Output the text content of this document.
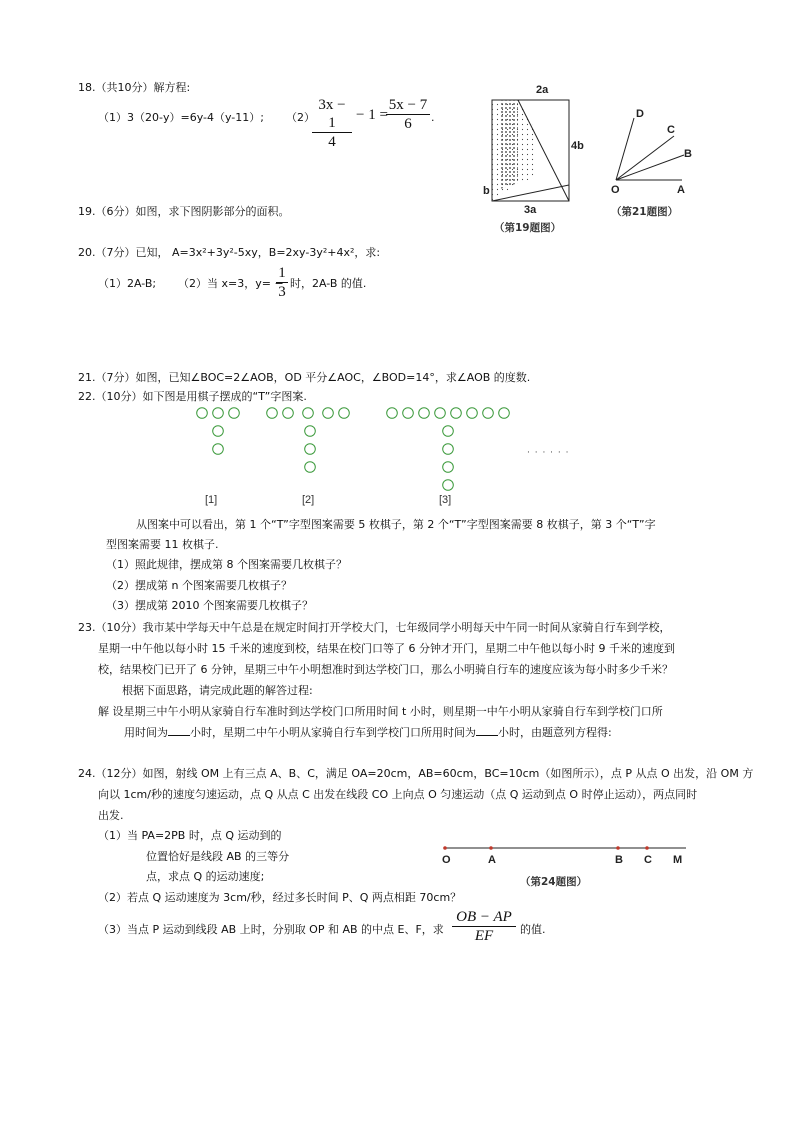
18.（共10分）解方程:
（1）3（20-y）=6y-4（y-11）; （2）
$\frac{3x - 1}{4} - 1$ =
$\frac{5x - 7}{6}$ .
2a
4b
b
3a
（第19题图）
D
C
B
O	A
（第21题图）
19.（6分）如图，求下图阴影部分的面积。
20.（7分）已知， A=3x²+3y²-5xy，B=2xy-3y²+4x²，求:
（1）2A-B; （2）当 x=3，y= −
$\frac{1}{3}$ 时，2A-B 的值.
21.（7分）如图，已知∠BOC=2∠AOB，OD 平分∠AOC，∠BOD=14°，求∠AOB 的度数.
22.（10分）如下图是用棋子摆成的“T”字图案.
· · · · · ·
[1]	[2]	[3]
从图案中可以看出，第 1 个“T”字型图案需要 5 枚棋子，第 2 个“T”字型图案需要 8 枚棋子，第 3 个“T”字
型图案需要 11 枚棋子.
（1）照此规律，摆成第 8 个图案需要几枚棋子？
（2）摆成第 n 个图案需要几枚棋子？
（3）摆成第 2010 个图案需要几枚棋子？
23.（10分）我市某中学每天中午总是在规定时间打开学校大门，七年级同学小明每天中午同一时间从家骑自行车到学校，
星期一中午他以每小时 15 千米的速度到校，结果在校门口等了 6 分钟才开门，星期二中午他以每小时 9 千米的速度到
校，结果校门已开了 6 分钟，星期三中午小明想准时到达学校门口，那么小明骑自行车的速度应该为每小时多少千米？
根据下面思路，请完成此题的解答过程:
解 设星期三中午小明从家骑自行车准时到达学校门口所用时间 t 小时，则星期一中午小明从家骑自行车到学校门口所
用时间为 小时，星期二中午小明从家骑自行车到学校门口所用时间为 小时，由题意列方程得:
24.（12分）如图，射线 OM 上有三点 A、B、C，满足 OA=20cm，AB=60cm，BC=10cm（如图所示），点 P 从点 O 出发，沿 OM 方
向以 1cm/秒的速度匀速运动，点 Q 从点 C 出发在线段 CO 上向点 O 匀速运动（点 Q 运动到点 O 时停止运动），两点同时
出发.
（1）当 PA=2PB 时，点 Q 运动到的
位置恰好是线段 AB 的三等分
点，求点 Q 的运动速度;
（2）若点 Q 运动速度为 3cm/秒，经过多长时间 P、Q 两点相距 70cm？
（3）当点 P 运动到线段 AB 上时，分别取 OP 和 AB 的中点 E、F，求 $\frac{OB - AP}{EF}$ 的值.
O	A	B C M
（第24题图）
